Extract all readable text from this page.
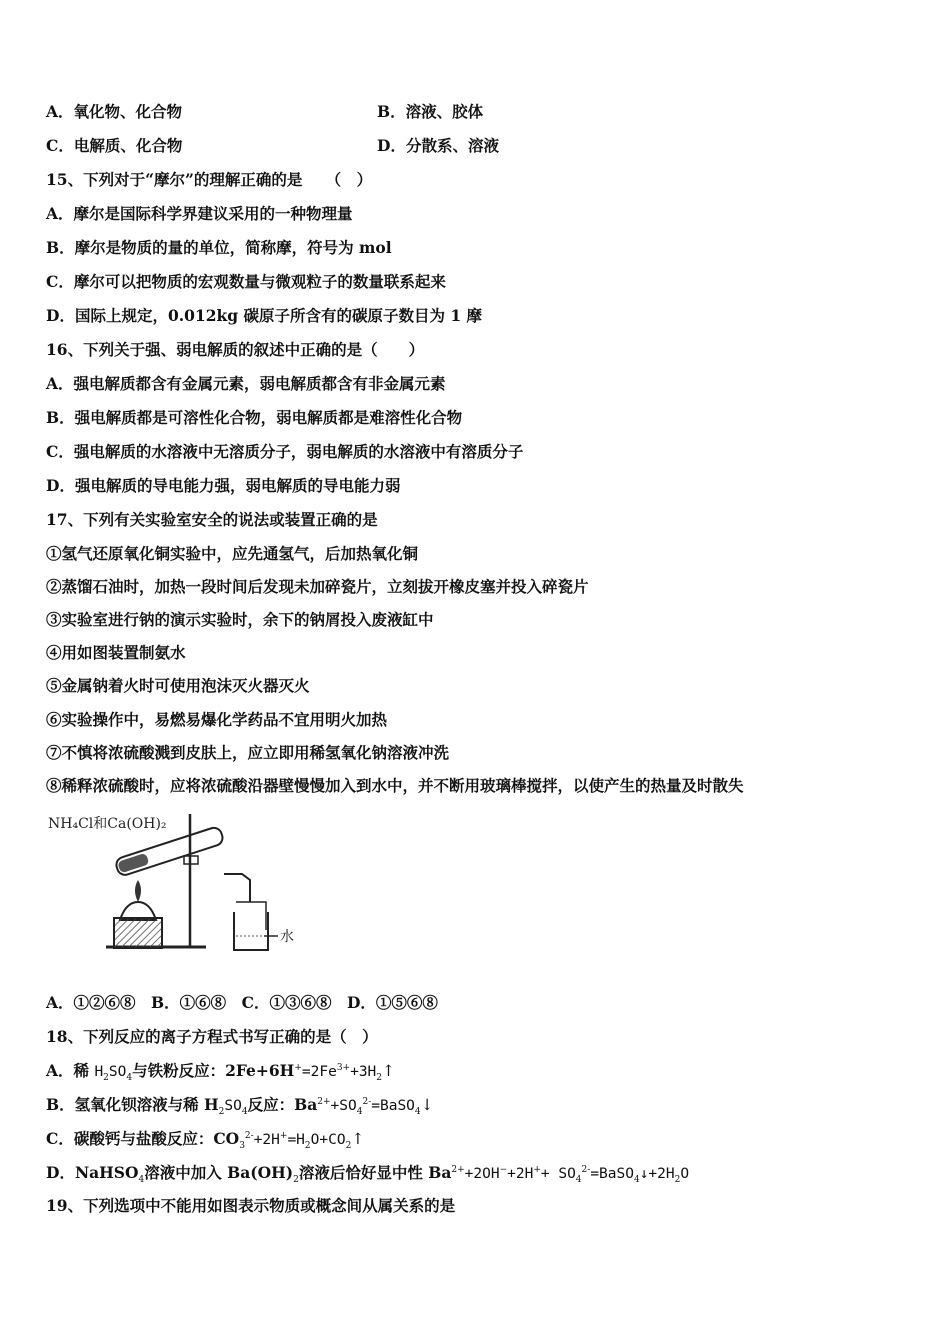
A．氧化物、化合物	B．溶液、胶体
C．电解质、化合物	D．分散系、溶液
15、下列对于“摩尔”的理解正确的是　　（　）
A．摩尔是国际科学界建议采用的一种物理量
B．摩尔是物质的量的单位，简称摩，符号为 mol
C．摩尔可以把物质的宏观数量与微观粒子的数量联系起来
D．国际上规定，0.012kg 碳原子所含有的碳原子数目为 1 摩
16、下列关于强、弱电解质的叙述中正确的是（　　）
A．强电解质都含有金属元素，弱电解质都含有非金属元素
B．强电解质都是可溶性化合物，弱电解质都是难溶性化合物
C．强电解质的水溶液中无溶质分子，弱电解质的水溶液中有溶质分子
D．强电解质的导电能力强，弱电解质的导电能力弱
17、下列有关实验室安全的说法或装置正确的是
①氢气还原氧化铜实验中，应先通氢气，后加热氧化铜
②蒸馏石油时，加热一段时间后发现未加碎瓷片，立刻拔开橡皮塞并投入碎瓷片
③实验室进行钠的演示实验时，余下的钠屑投入废液缸中
④用如图装置制氨水
⑤金属钠着火时可使用泡沫灭火器灭火
⑥实验操作中，易燃易爆化学药品不宜用明火加热
⑦不慎将浓硫酸溅到皮肤上，应立即用稀氢氧化钠溶液冲洗
⑧稀释浓硫酸时，应将浓硫酸沿器壁慢慢加入到水中，并不断用玻璃棒搅拌，以使产生的热量及时散失
NH₄Cl和Ca(OH)₂
水
A．①②⑥⑧　B．①⑥⑧　C．①③⑥⑧　D．①⑤⑥⑧
18、下列反应的离子方程式书写正确的是（　）
A．稀 $H_2SO_4$与铁粉反应：$2Fe+6H^+=2Fe^{3+}+3H_2↑$
B．氢氧化钡溶液与稀 $H_2SO_4$反应：$Ba^{2+}+SO_4^{2-}=BaSO_4↓$
C．碳酸钙与盐酸反应：$CO_3^{2-}+2H^+=H_2O+CO_2↑$
D．NaHSO$_4$溶液中加入 $Ba(OH)_2$溶液后恰好显中性 $Ba^{2+}+2OH^-+2H^++$ $SO_4^{2-}=BaSO_4↓+2H_2O$
19、下列选项中不能用如图表示物质或概念间从属关系的是
